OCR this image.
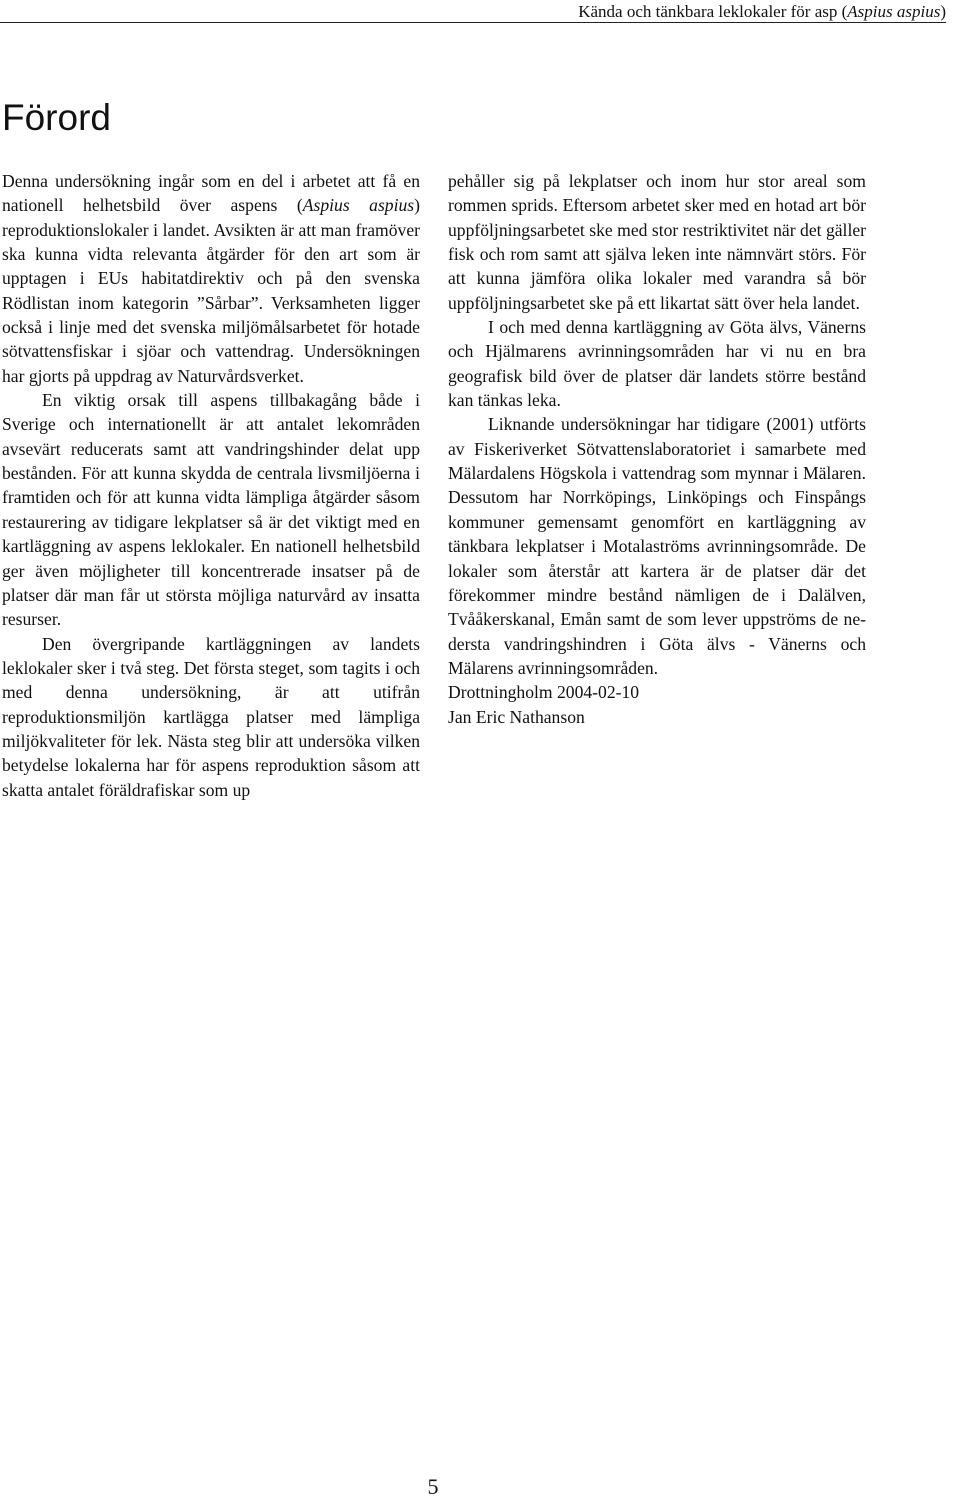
Kända och tänkbara leklokaler för asp (Aspius aspius)
Förord

Denna undersökning ingår som en del i arbetet att få en nationell helhetsbild över aspens (Aspius aspius) reproduktionslokaler i landet. Avsikten är att man framöver ska kunna vidta relevanta åtgärder för den art som är upptagen i EUs habitatdirektiv och på den svenska Rödlistan inom kategorin ”Sårbar”. Verksamheten ligger också i linje med det svenska miljömålsarbetet för hotade sötvattensfiskar i sjöar och vattendrag. Undersökningen har gjorts på uppdrag av Naturvårdsverket.

En viktig orsak till aspens tillbakagång både i Sverige och internationellt är att antalet lekområden avsevärt reducerats samt att vandringshinder delat upp bestånden. För att kunna skydda de centrala livsmiljöerna i framtiden och för att kunna vidta lämpliga åtgärder såsom restaurering av tidigare lekplatser så är det viktigt med en kartläggning av aspens leklokaler. En nationell helhetsbild ger även möjligheter till koncentrerade insatser på de platser där man får ut största möjliga naturvård av insatta resurser.

Den övergripande kartläggningen av landets leklokaler sker i två steg. Det första steget, som tagits i och med denna undersökning, är att utifrån reproduktionsmiljön kartlägga platser med lämpliga miljökvaliteter för lek. Nästa steg blir att undersöka vilken betydelse lokalerna har för aspens reproduktion såsom att skatta antalet föräldrafiskar som up

pehåller sig på lekplatser och inom hur stor areal som rommen sprids. Eftersom arbetet sker med en hotad art bör uppföljningsarbetet ske med stor restriktivitet när det gäller fisk och rom samt att själva leken inte nämnvärt störs. För att kunna jämföra olika lokaler med varandra så bör uppföljningsarbetet ske på ett likartat sätt över hela landet.

I och med denna kartläggning av Göta älvs, Vänerns och Hjälmarens avrinningsområden har vi nu en bra geografisk bild över de platser där landets större bestånd kan tänkas leka.

Liknande undersökningar har tidigare (2001) utförts av Fiskeriverket Sötvattenslaboratoriet i samarbete med Mälardalens Högskola i vattendrag som mynnar i Mälaren. Dessutom har Norrköpings, Linköpings och Finspångs kommuner gemensamt genomfört en kartläggning av tänkbara lekplatser i Motalaströms avrinningsområde. De lokaler som återstår att kartera är de platser där det förekommer mindre bestånd nämligen de i Dalälven, Tvååkerskanal, Emån samt de som lever uppströms de nedersta vandringshindren i Göta älvs - Vänerns och Mälarens avrinningsområden.

Drottningholm 2004-02-10

Jan Eric Nathanson

5
